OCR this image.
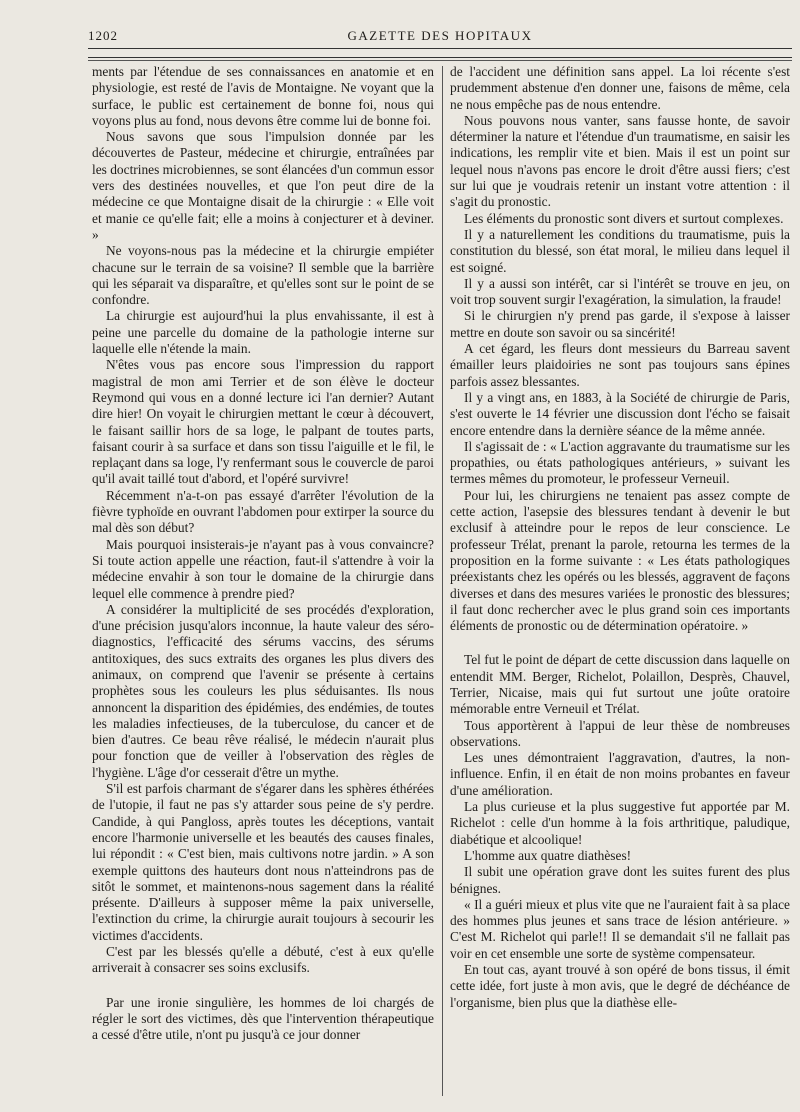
1202	GAZETTE DES HOPITAUX

ments par l'étendue de ses connaissances en anatomie et en physiologie, est resté de l'avis de Montaigne. Ne voyant que la surface, le public est certainement de bonne foi, nous qui voyons plus au fond, nous devons être comme lui de bonne foi.

Nous savons que sous l'impulsion donnée par les découvertes de Pasteur, médecine et chirurgie, entraînées par les doctrines microbiennes, se sont élancées d'un commun essor vers des destinées nouvelles, et que l'on peut dire de la médecine ce que Montaigne disait de la chirurgie : « Elle voit et manie ce qu'elle fait; elle a moins à conjecturer et à deviner. »

Ne voyons-nous pas la médecine et la chirurgie empiéter chacune sur le terrain de sa voisine? Il semble que la barrière qui les séparait va disparaître, et qu'elles sont sur le point de se confondre.

La chirurgie est aujourd'hui la plus envahissante, il est à peine une parcelle du domaine de la pathologie interne sur laquelle elle n'étende la main.

N'êtes vous pas encore sous l'impression du rapport magistral de mon ami Terrier et de son élève le docteur Reymond qui vous en a donné lecture ici l'an dernier? Autant dire hier! On voyait le chirurgien mettant le cœur à découvert, le faisant saillir hors de sa loge, le palpant de toutes parts, faisant courir à sa surface et dans son tissu l'aiguille et le fil, le replaçant dans sa loge, l'y renfermant sous le couvercle de paroi qu'il avait taillé tout d'abord, et l'opéré survivre!

Récemment n'a-t-on pas essayé d'arrêter l'évolution de la fièvre typhoïde en ouvrant l'abdomen pour extirper la source du mal dès son début?

Mais pourquoi insisterais-je n'ayant pas à vous convaincre? Si toute action appelle une réaction, faut-il s'attendre à voir la médecine envahir à son tour le domaine de la chirurgie dans lequel elle commence à prendre pied?

A considérer la multiplicité de ses procédés d'exploration, d'une précision jusqu'alors inconnue, la haute valeur des séro-diagnostics, l'efficacité des sérums vaccins, des sérums antitoxiques, des sucs extraits des organes les plus divers des animaux, on comprend que l'avenir se présente à certains prophètes sous les couleurs les plus séduisantes. Ils nous annoncent la disparition des épidémies, des endémies, de toutes les maladies infectieuses, de la tuberculose, du cancer et de bien d'autres. Ce beau rêve réalisé, le médecin n'aurait plus pour fonction que de veiller à l'observation des règles de l'hygiène. L'âge d'or cesserait d'être un mythe.

S'il est parfois charmant de s'égarer dans les sphères éthérées de l'utopie, il faut ne pas s'y attarder sous peine de s'y perdre. Candide, à qui Pangloss, après toutes les déceptions, vantait encore l'harmonie universelle et les beautés des causes finales, lui répondit : « C'est bien, mais cultivons notre jardin. » A son exemple quittons des hauteurs dont nous n'atteindrons pas de sitôt le sommet, et maintenons-nous sagement dans la réalité présente. D'ailleurs à supposer même la paix universelle, l'extinction du crime, la chirurgie aurait toujours à secourir les victimes d'accidents.

C'est par les blessés qu'elle a débuté, c'est à eux qu'elle arriverait à consacrer ses soins exclusifs.

Par une ironie singulière, les hommes de loi chargés de régler le sort des victimes, dès que l'intervention thérapeutique a cessé d'être utile, n'ont pu jusqu'à ce jour donner

de l'accident une définition sans appel. La loi récente s'est prudemment abstenue d'en donner une, faisons de même, cela ne nous empêche pas de nous entendre.

Nous pouvons nous vanter, sans fausse honte, de savoir déterminer la nature et l'étendue d'un traumatisme, en saisir les indications, les remplir vite et bien. Mais il est un point sur lequel nous n'avons pas encore le droit d'être aussi fiers; c'est sur lui que je voudrais retenir un instant votre attention : il s'agit du pronostic.

Les éléments du pronostic sont divers et surtout complexes.

Il y a naturellement les conditions du traumatisme, puis la constitution du blessé, son état moral, le milieu dans lequel il est soigné.

Il y a aussi son intérêt, car si l'intérêt se trouve en jeu, on voit trop souvent surgir l'exagération, la simulation, la fraude!

Si le chirurgien n'y prend pas garde, il s'expose à laisser mettre en doute son savoir ou sa sincérité!

A cet égard, les fleurs dont messieurs du Barreau savent émailler leurs plaidoiries ne sont pas toujours sans épines parfois assez blessantes.

Il y a vingt ans, en 1883, à la Société de chirurgie de Paris, s'est ouverte le 14 février une discussion dont l'écho se faisait encore entendre dans la dernière séance de la même année.

Il s'agissait de : « L'action aggravante du traumatisme sur les propathies, ou états pathologiques antérieurs, » suivant les termes mêmes du promoteur, le professeur Verneuil.

Pour lui, les chirurgiens ne tenaient pas assez compte de cette action, l'asepsie des blessures tendant à devenir le but exclusif à atteindre pour le repos de leur conscience. Le professeur Trélat, prenant la parole, retourna les termes de la proposition en la forme suivante : « Les états pathologiques préexistants chez les opérés ou les blessés, aggravent de façons diverses et dans des mesures variées le pronostic des blessures; il faut donc rechercher avec le plus grand soin ces importants éléments de pronostic ou de détermination opératoire. »

Tel fut le point de départ de cette discussion dans laquelle on entendit MM. Berger, Richelot, Polaillon, Desprès, Chauvel, Terrier, Nicaise, mais qui fut surtout une joûte oratoire mémorable entre Verneuil et Trélat.

Tous apportèrent à l'appui de leur thèse de nombreuses observations.

Les unes démontraient l'aggravation, d'autres, la non-influence. Enfin, il en était de non moins probantes en faveur d'une amélioration.

La plus curieuse et la plus suggestive fut apportée par M. Richelot : celle d'un homme à la fois arthritique, paludique, diabétique et alcoolique!

L'homme aux quatre diathèses!

Il subit une opération grave dont les suites furent des plus bénignes.

« Il a guéri mieux et plus vite que ne l'auraient fait à sa place des hommes plus jeunes et sans trace de lésion antérieure. » C'est M. Richelot qui parle!! Il se demandait s'il ne fallait pas voir en cet ensemble une sorte de système compensateur.

En tout cas, ayant trouvé à son opéré de bons tissus, il émit cette idée, fort juste à mon avis, que le degré de déchéance de l'organisme, bien plus que la diathèse elle-
